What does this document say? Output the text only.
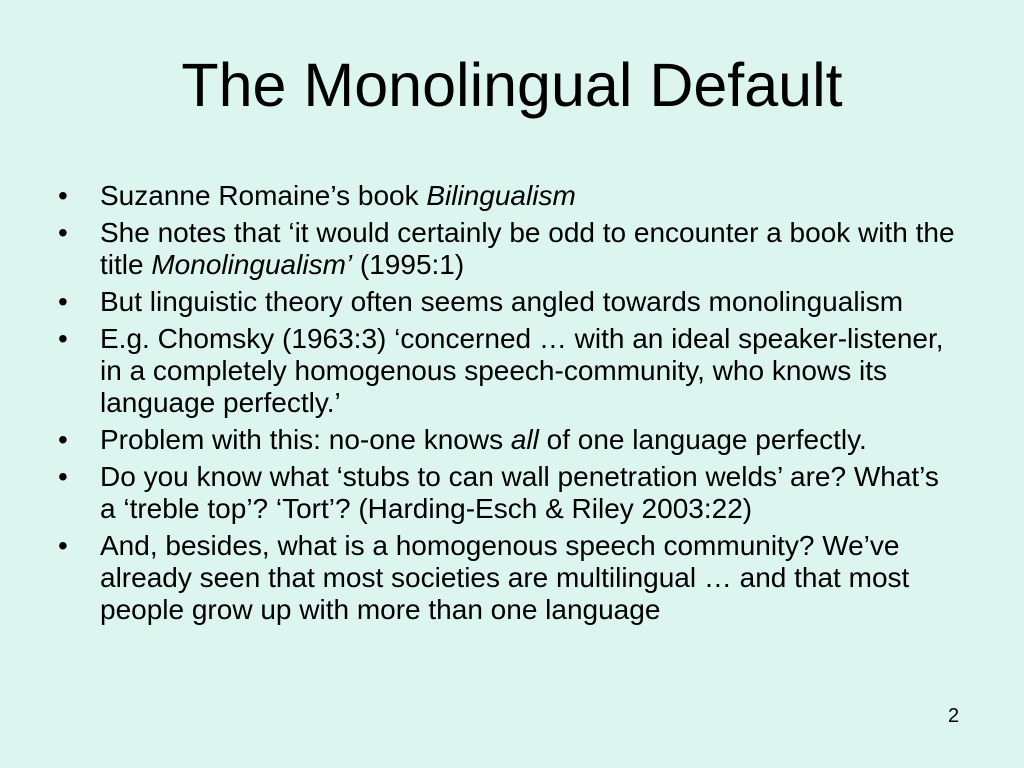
The Monolingual Default
•	Suzanne Romaine’s book Bilingualism
•	She notes that ‘it would certainly be odd to encounter a book with the title Monolingualism’ (1995:1)
•	But linguistic theory often seems angled towards monolingualism
•	E.g. Chomsky (1963:3) ‘concerned … with an ideal speaker-listener, in a completely homogenous speech-community, who knows its language perfectly.’
•	Problem with this: no-one knows all of one language perfectly.
•	Do you know what ‘stubs to can wall penetration welds’ are? What’s a ‘treble top’? ‘Tort’? (Harding-Esch & Riley 2003:22)
•	And, besides, what is a homogenous speech community? We’ve already seen that most societies are multilingual … and that most people grow up with more than one language
2
